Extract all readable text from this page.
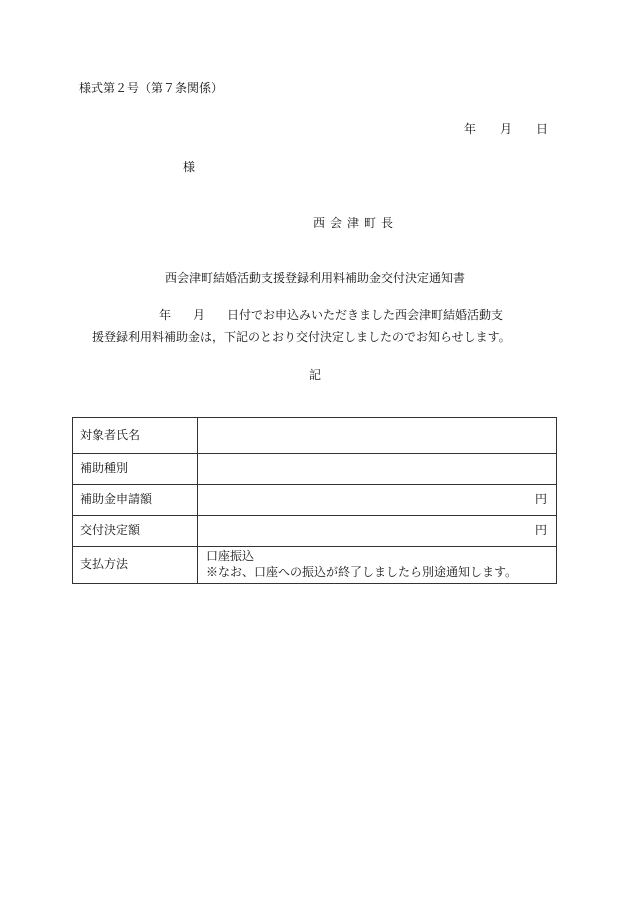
様式第２号（第７条関係）
年 月 日
様
西会津町長
西会津町結婚活動支援登録利用料補助金交付決定通知書
年 月 日付でお申込みいただきました西会津町結婚活動支
援登録利用料補助金は，下記のとおり交付決定しましたのでお知らせします。
記
対象者氏名	
補助種別	
補助金申請額	円
交付決定額	円
支払方法	口座振込
※なお、口座への振込が終了しましたら別途通知します。
